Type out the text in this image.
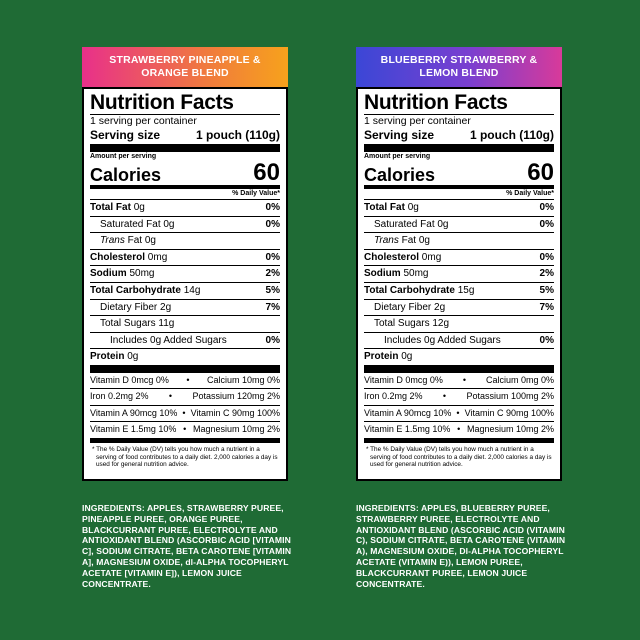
STRAWBERRY PINEAPPLE & ORANGE BLEND
Nutrition Facts
1 serving per container
Serving size	1 pouch (110g)
Amount per serving
Calories	60
% Daily Value*
Total Fat 0g	0%
Saturated Fat 0g	0%
Trans Fat 0g
Cholesterol 0mg	0%
Sodium 50mg	2%
Total Carbohydrate 14g	5%
Dietary Fiber 2g	7%
Total Sugars 11g
Includes 0g Added Sugars	0%
Protein 0g
Vitamin D 0mcg 0% • Calcium 10mg 0%
Iron 0.2mg 2% • Potassium 120mg 2%
Vitamin A 90mcg 10% • Vitamin C 90mg 100%
Vitamin E 1.5mg 10% • Magnesium 10mg 2%
* The % Daily Value (DV) tells you how much a nutrient in a serving of food contributes to a daily diet. 2,000 calories a day is used for general nutrition advice.
BLUEBERRY STRAWBERRY & LEMON BLEND
Nutrition Facts
1 serving per container
Serving size	1 pouch (110g)
Amount per serving
Calories	60
% Daily Value*
Total Fat 0g	0%
Saturated Fat 0g	0%
Trans Fat 0g
Cholesterol 0mg	0%
Sodium 50mg	2%
Total Carbohydrate 15g	5%
Dietary Fiber 2g	7%
Total Sugars 12g
Includes 0g Added Sugars	0%
Protein 0g
Vitamin D 0mcg 0% • Calcium 0mg 0%
Iron 0.2mg 2% • Potassium 100mg 2%
Vitamin A 90mcg 10% • Vitamin C 90mg 100%
Vitamin E 1.5mg 10% • Magnesium 10mg 2%
* The % Daily Value (DV) tells you how much a nutrient in a serving of food contributes to a daily diet. 2,000 calories a day is used for general nutrition advice.
INGREDIENTS: APPLES, STRAWBERRY PUREE, PINEAPPLE PUREE, ORANGE PUREE, BLACKCURRANT PUREE, ELECTROLYTE AND ANTIOXIDANT BLEND (ASCORBIC ACID [VITAMIN C], SODIUM CITRATE, BETA CAROTENE [VITAMIN A], MAGNESIUM OXIDE, dl-ALPHA TOCOPHERYL ACETATE [VITAMIN E]), LEMON JUICE CONCENTRATE.
INGREDIENTS: APPLES, BLUEBERRY PUREE, STRAWBERRY PUREE, ELECTROLYTE AND ANTIOXIDANT BLEND (ASCORBIC ACID (VITAMIN C), SODIUM CITRATE, BETA CAROTENE (VITAMIN A), MAGNESIUM OXIDE, DI-ALPHA TOCOPHERYL ACETATE (VITAMIN E)), LEMON PUREE, BLACKCURRANT PUREE, LEMON JUICE CONCENTRATE.
